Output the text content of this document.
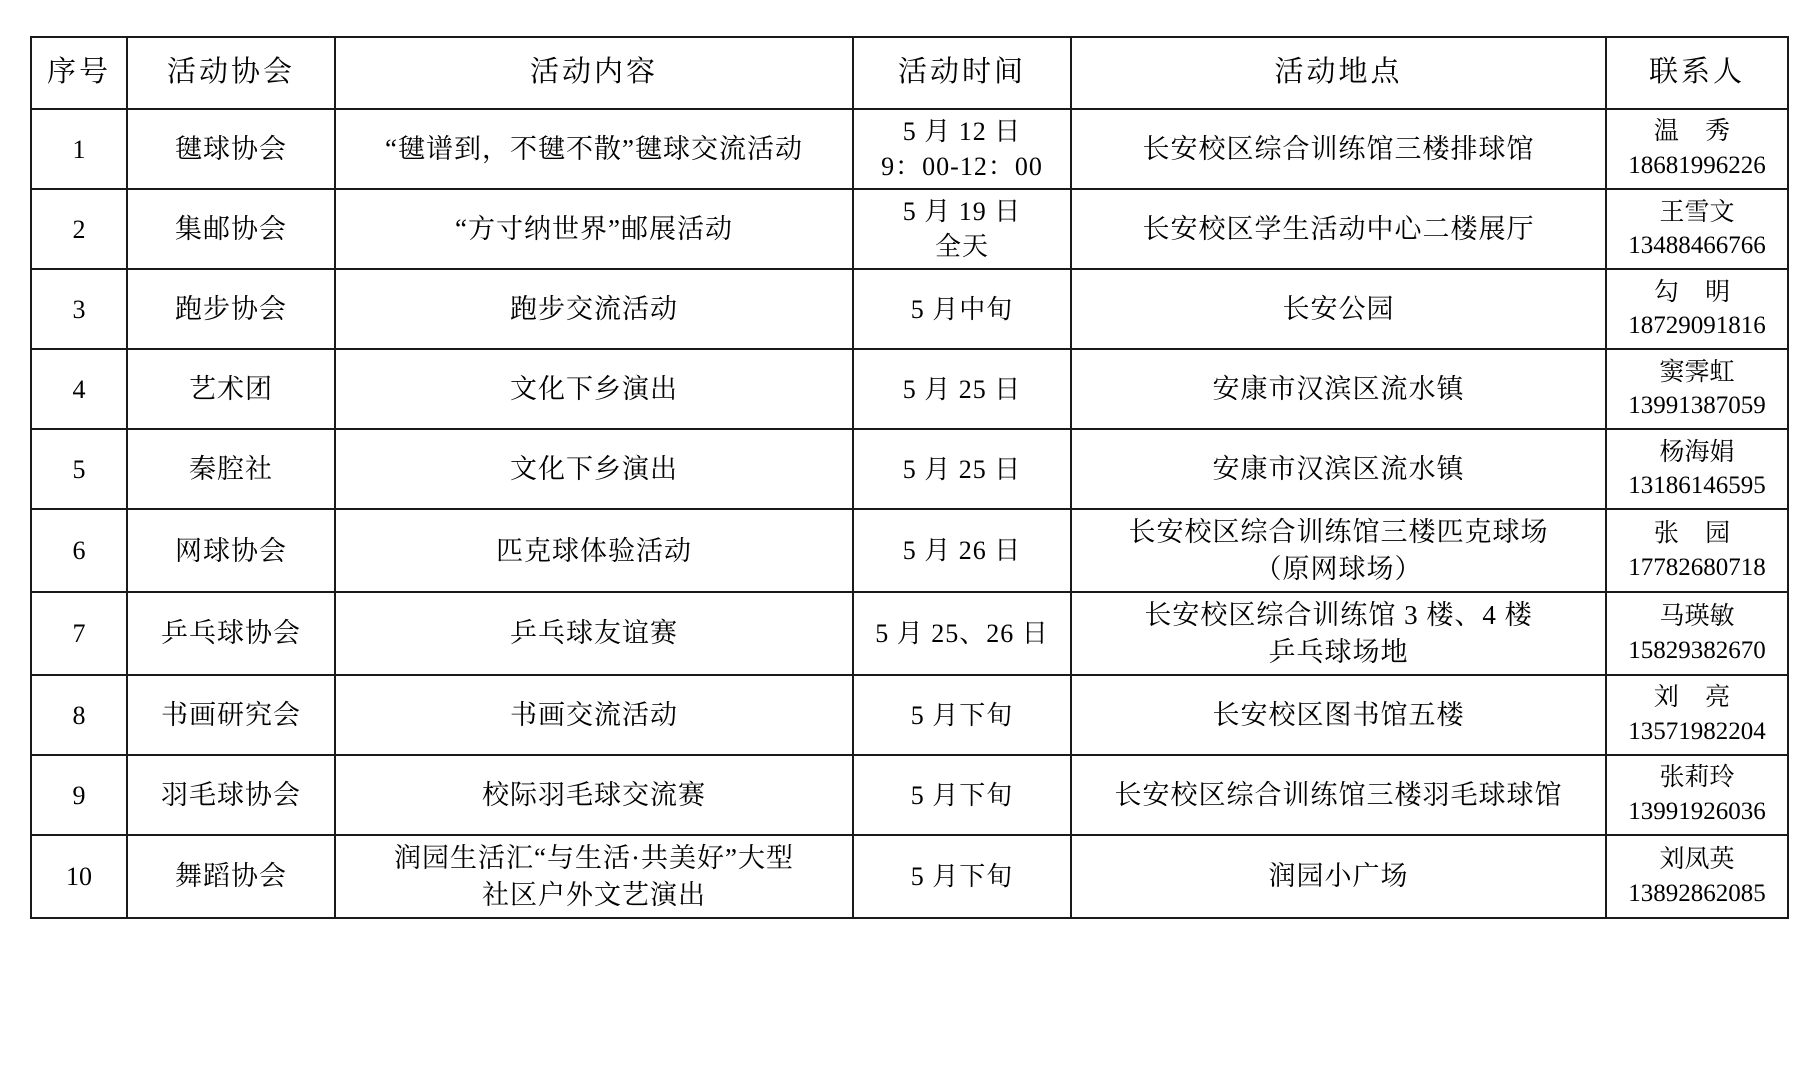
序号	活动协会	活动内容	活动时间	活动地点	联系人
1	毽球协会	“毽谱到，不毽不散”毽球交流活动	5 月 12 日
9：00-12：00	长安校区综合训练馆三楼排球馆	温 秀
18681996226

2	集邮协会	“方寸纳世界”邮展活动	5 月 19 日
全天	长安校区学生活动中心二楼展厅	王雪文
13488466766

3	跑步协会	跑步交流活动	5 月中旬	长安公园	勾 明
18729091816

4	艺术团	文化下乡演出	5 月 25 日	安康市汉滨区流水镇	窦霁虹
13991387059

5	秦腔社	文化下乡演出	5 月 25 日	安康市汉滨区流水镇	杨海娟
13186146595

6	网球协会	匹克球体验活动	5 月 26 日	长安校区综合训练馆三楼匹克球场
（原网球场）	张 园
17782680718

7	乒乓球协会	乒乓球友谊赛	5 月 25、26 日	长安校区综合训练馆 3 楼、4 楼
乒乓球场地	马瑛敏
15829382670

8	书画研究会	书画交流活动	5 月下旬	长安校区图书馆五楼	刘 亮
13571982204

9	羽毛球协会	校际羽毛球交流赛	5 月下旬	长安校区综合训练馆三楼羽毛球球馆	张莉玲
13991926036

10	舞蹈协会	润园生活汇“与生活·共美好”大型
社区户外文艺演出	5 月下旬	润园小广场	刘凤英
13892862085
